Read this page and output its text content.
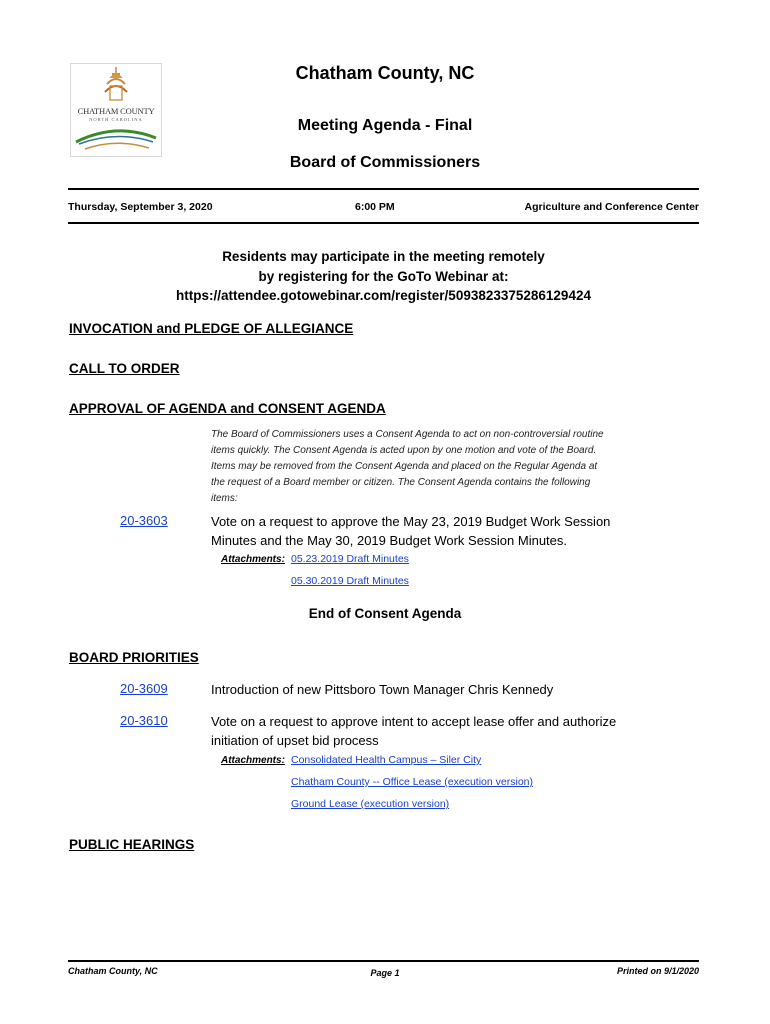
CHATHAM COUNTY
NORTH CAROLINA
Chatham County, NC
Meeting Agenda - Final
Board of Commissioners
Thursday, September 3, 2020	6:00 PM	Agriculture and Conference Center
Residents may participate in the meeting remotely
by registering for the GoTo Webinar at:
https://attendee.gotowebinar.com/register/5093823375286129424
INVOCATION and PLEDGE OF ALLEGIANCE
CALL TO ORDER
APPROVAL OF AGENDA and CONSENT AGENDA
The Board of Commissioners uses a Consent Agenda to act on non-controversial routine
items quickly. The Consent Agenda is acted upon by one motion and vote of the Board.
Items may be removed from the Consent Agenda and placed on the Regular Agenda at
the request of a Board member or citizen. The Consent Agenda contains the following
items:
20-3603	Vote on a request to approve the May 23, 2019 Budget Work Session
Minutes and the May 30, 2019 Budget Work Session Minutes.
Attachments: 05.23.2019 Draft Minutes
05.30.2019 Draft Minutes
End of Consent Agenda
BOARD PRIORITIES
20-3609	Introduction of new Pittsboro Town Manager Chris Kennedy
20-3610	Vote on a request to approve intent to accept lease offer and authorize
initiation of upset bid process
Attachments: Consolidated Health Campus – Siler City
Chatham County -- Office Lease (execution version)
Ground Lease (execution version)
PUBLIC HEARINGS
Chatham County, NC	Page 1	Printed on 9/1/2020
